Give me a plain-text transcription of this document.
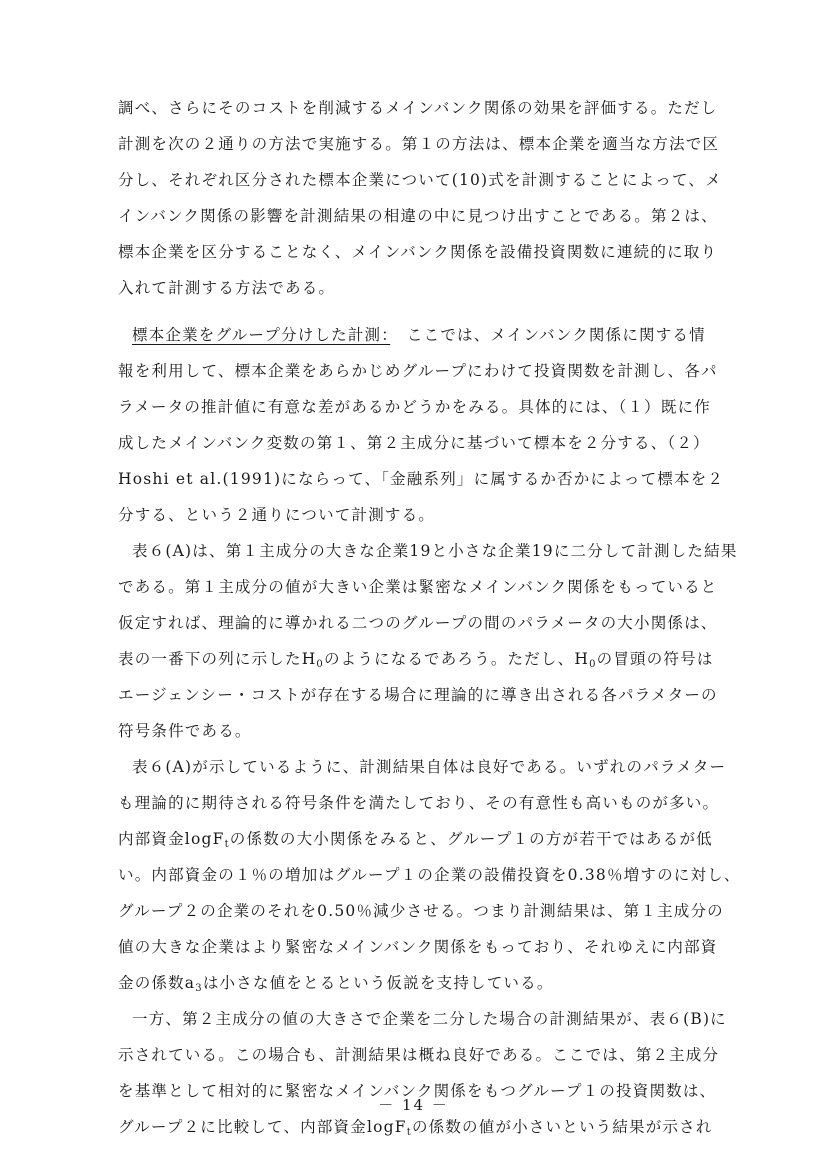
調べ、さらにそのコストを削減するメインバンク関係の効果を評価する。ただし
計測を次の２通りの方法で実施する。第１の方法は、標本企業を適当な方法で区
分し、それぞれ区分された標本企業について(10)式を計測することによって、メ
インバンク関係の影響を計測結果の相違の中に見つけ出すことである。第２は、
標本企業を区分することなく、メインバンク関係を設備投資関数に連続的に取り
入れて計測する方法である。
標本企業をグループ分けした計測：　ここでは、メインバンク関係に関する情
報を利用して、標本企業をあらかじめグループにわけて投資関数を計測し、各パ
ラメータの推計値に有意な差があるかどうかをみる。具体的には、（１）既に作
成したメインバンク変数の第１、第２主成分に基づいて標本を２分する、（２）
Hoshi et al.(1991)にならって、「金融系列」に属するか否かによって標本を２
分する、という２通りについて計測する。
表６(A)は、第１主成分の大きな企業19と小さな企業19に二分して計測した結果
である。第１主成分の値が大きい企業は緊密なメインバンク関係をもっていると
仮定すれば、理論的に導かれる二つのグループの間のパラメータの大小関係は、
表の一番下の列に示した$H_0$のようになるであろう。ただし、$H_0$の冒頭の符号は
エージェンシー・コストが存在する場合に理論的に導き出される各パラメターの
符号条件である。
表６(A)が示しているように、計測結果自体は良好である。いずれのパラメター
も理論的に期待される符号条件を満たしており、その有意性も高いものが多い。
内部資金logF$_t$の係数の大小関係をみると、グループ１の方が若干ではあるが低
い。内部資金の１％の増加はグループ１の企業の設備投資を0.38％増すのに対し、
グループ２の企業のそれを0.50％減少させる。つまり計測結果は、第１主成分の
値の大きな企業はより緊密なメインバンク関係をもっており、それゆえに内部資
金の係数$a_3$は小さな値をとるという仮説を支持している。
一方、第２主成分の値の大きさで企業を二分した場合の計測結果が、表６(B)に
示されている。この場合も、計測結果は概ね良好である。ここでは、第２主成分
を基準として相対的に緊密なメインバンク関係をもつグループ１の投資関数は、
グループ２に比較して、内部資金logF$_t$の係数の値が小さいという結果が示され
－ 14 －
